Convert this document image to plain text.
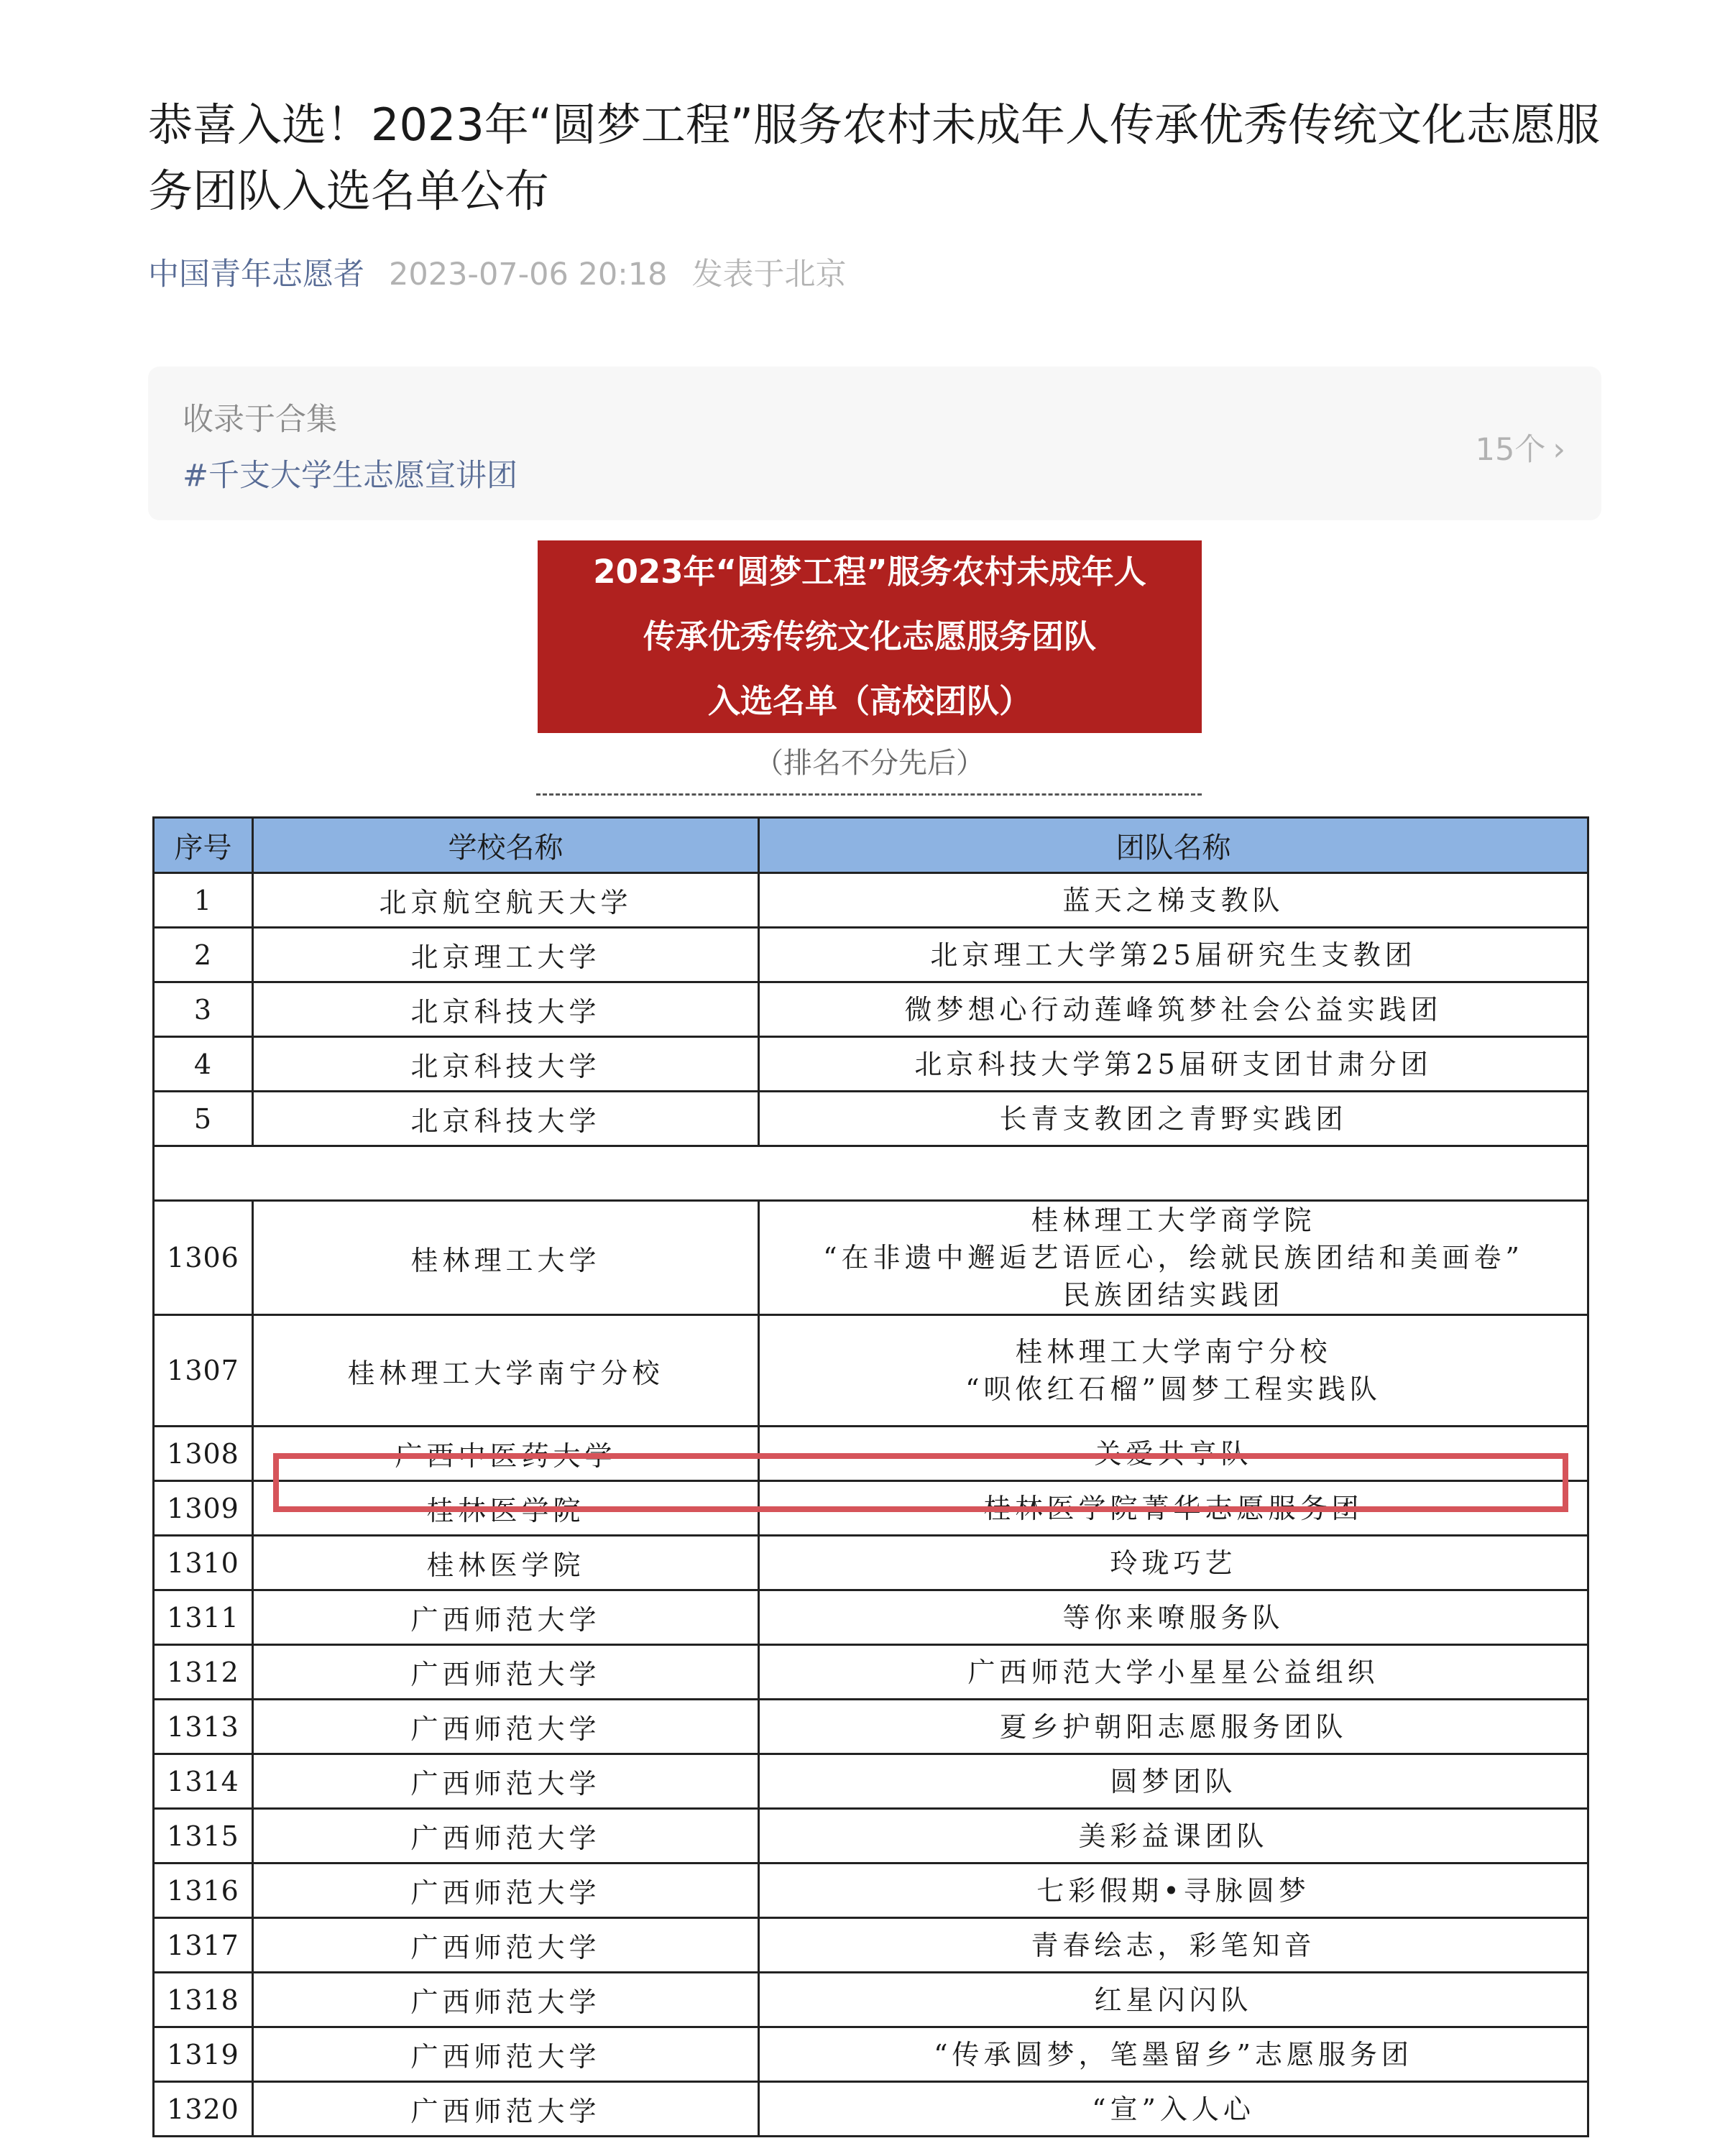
恭喜入选！2023年“圆梦工程”服务农村未成年人传承优秀传统文化志愿服务团队入选名单公布
中国青年志愿者 2023-07-06 20:18 发表于北京
收录于合集
#千支大学生志愿宣讲团
15个 ›
2023年“圆梦工程”服务农村未成年人
传承优秀传统文化志愿服务团队
入选名单（高校团队）
（排名不分先后）
序号	学校名称	团队名称
1	北京航空航天大学	蓝天之梯支教队
2	北京理工大学	北京理工大学第25届研究生支教团
3	北京科技大学	微梦想心行动莲峰筑梦社会公益实践团
4	北京科技大学	北京科技大学第25届研支团甘肃分团
5	北京科技大学	长青支教团之青野实践团

1306	桂林理工大学	桂林理工大学商学院
“在非遗中邂逅艺语匠心，绘就民族团结和美画卷”
民族团结实践团

1307	桂林理工大学南宁分校	桂林理工大学南宁分校
“呗侬红石榴”圆梦工程实践队

1308	广西中医药大学	关爱共享队

1309	桂林医学院	桂林医学院菁华志愿服务团

1310	桂林医学院	玲珑巧艺

1311	广西师范大学	等你来嘹服务队

1312	广西师范大学	广西师范大学小星星公益组织

1313	广西师范大学	夏乡护朝阳志愿服务团队

1314	广西师范大学	圆梦团队

1315	广西师范大学	美彩益课团队

1316	广西师范大学	七彩假期•寻脉圆梦

1317	广西师范大学	青春绘志，彩笔知音

1318	广西师范大学	红星闪闪队

1319	广西师范大学	“传承圆梦，笔墨留乡”志愿服务团

1320	广西师范大学	“宣”入人心
